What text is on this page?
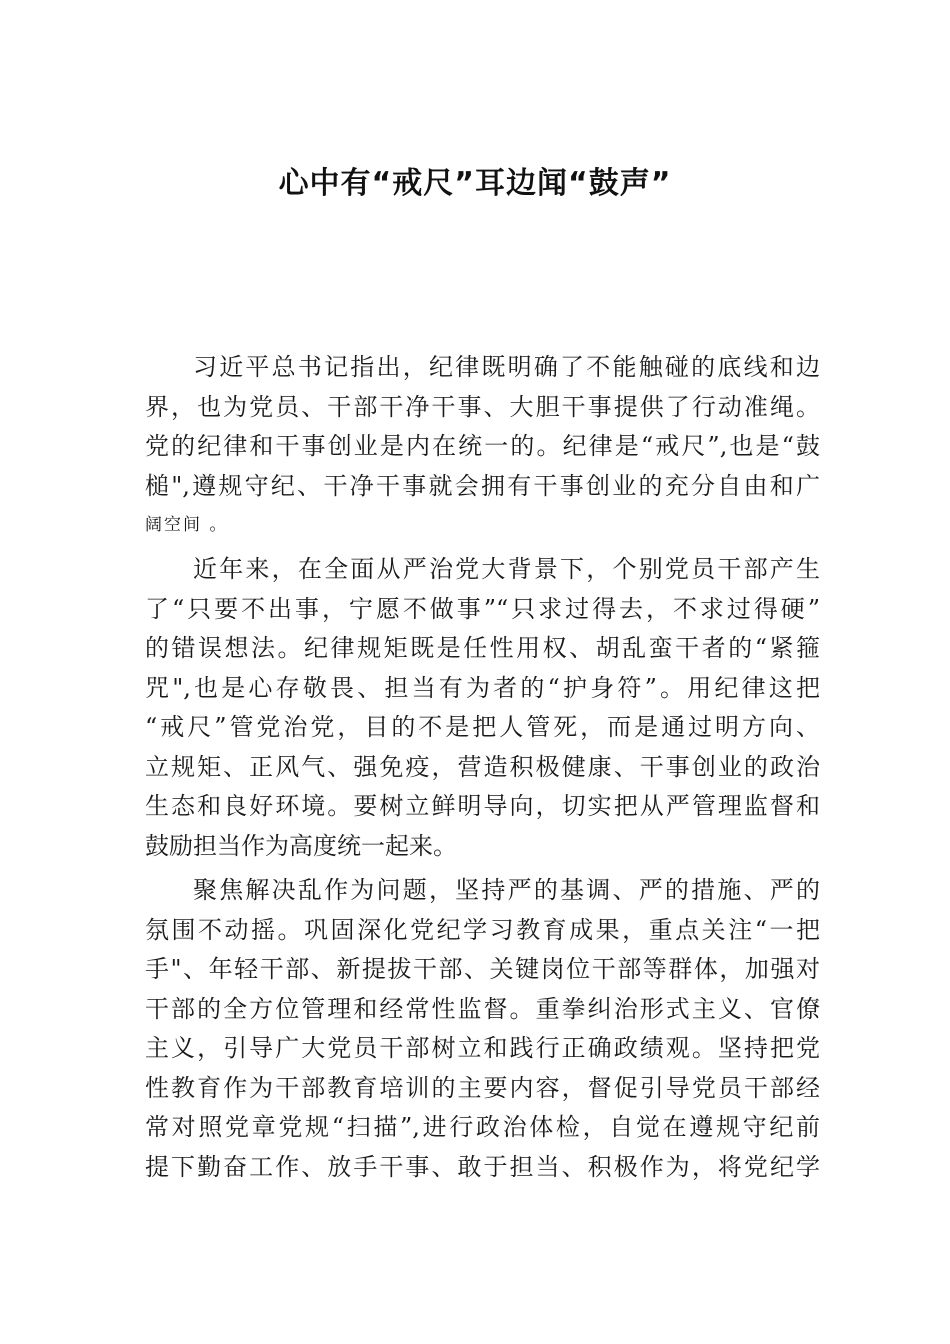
心中有“戒尺”耳边闻“鼓声”
习近平总书记指出，纪律既明确了不能触碰的底线和边
界，也为党员、干部干净干事、大胆干事提供了行动准绳。
党的纪律和干事创业是内在统一的。纪律是“戒尺”,也是“鼓
槌",遵规守纪、干净干事就会拥有干事创业的充分自由和广
阔空间 。
近年来，在全面从严治党大背景下，个别党员干部产生
了“只要不出事，宁愿不做事”“只求过得去，不求过得硬”
的错误想法。纪律规矩既是任性用权、胡乱蛮干者的“紧箍
咒",也是心存敬畏、担当有为者的“护身符”。用纪律这把
“戒尺”管党治党，目的不是把人管死，而是通过明方向、
立规矩、正风气、强免疫，营造积极健康、干事创业的政治
生态和良好环境。要树立鲜明导向，切实把从严管理监督和
鼓励担当作为高度统一起来。
聚焦解决乱作为问题，坚持严的基调、严的措施、严的
氛围不动摇。巩固深化党纪学习教育成果，重点关注“一把
手"、年轻干部、新提拔干部、关键岗位干部等群体，加强对
干部的全方位管理和经常性监督。重拳纠治形式主义、官僚
主义，引导广大党员干部树立和践行正确政绩观。坚持把党
性教育作为干部教育培训的主要内容，督促引导党员干部经
常对照党章党规“扫描”,进行政治体检，自觉在遵规守纪前
提下勤奋工作、放手干事、敢于担当、积极作为，将党纪学
